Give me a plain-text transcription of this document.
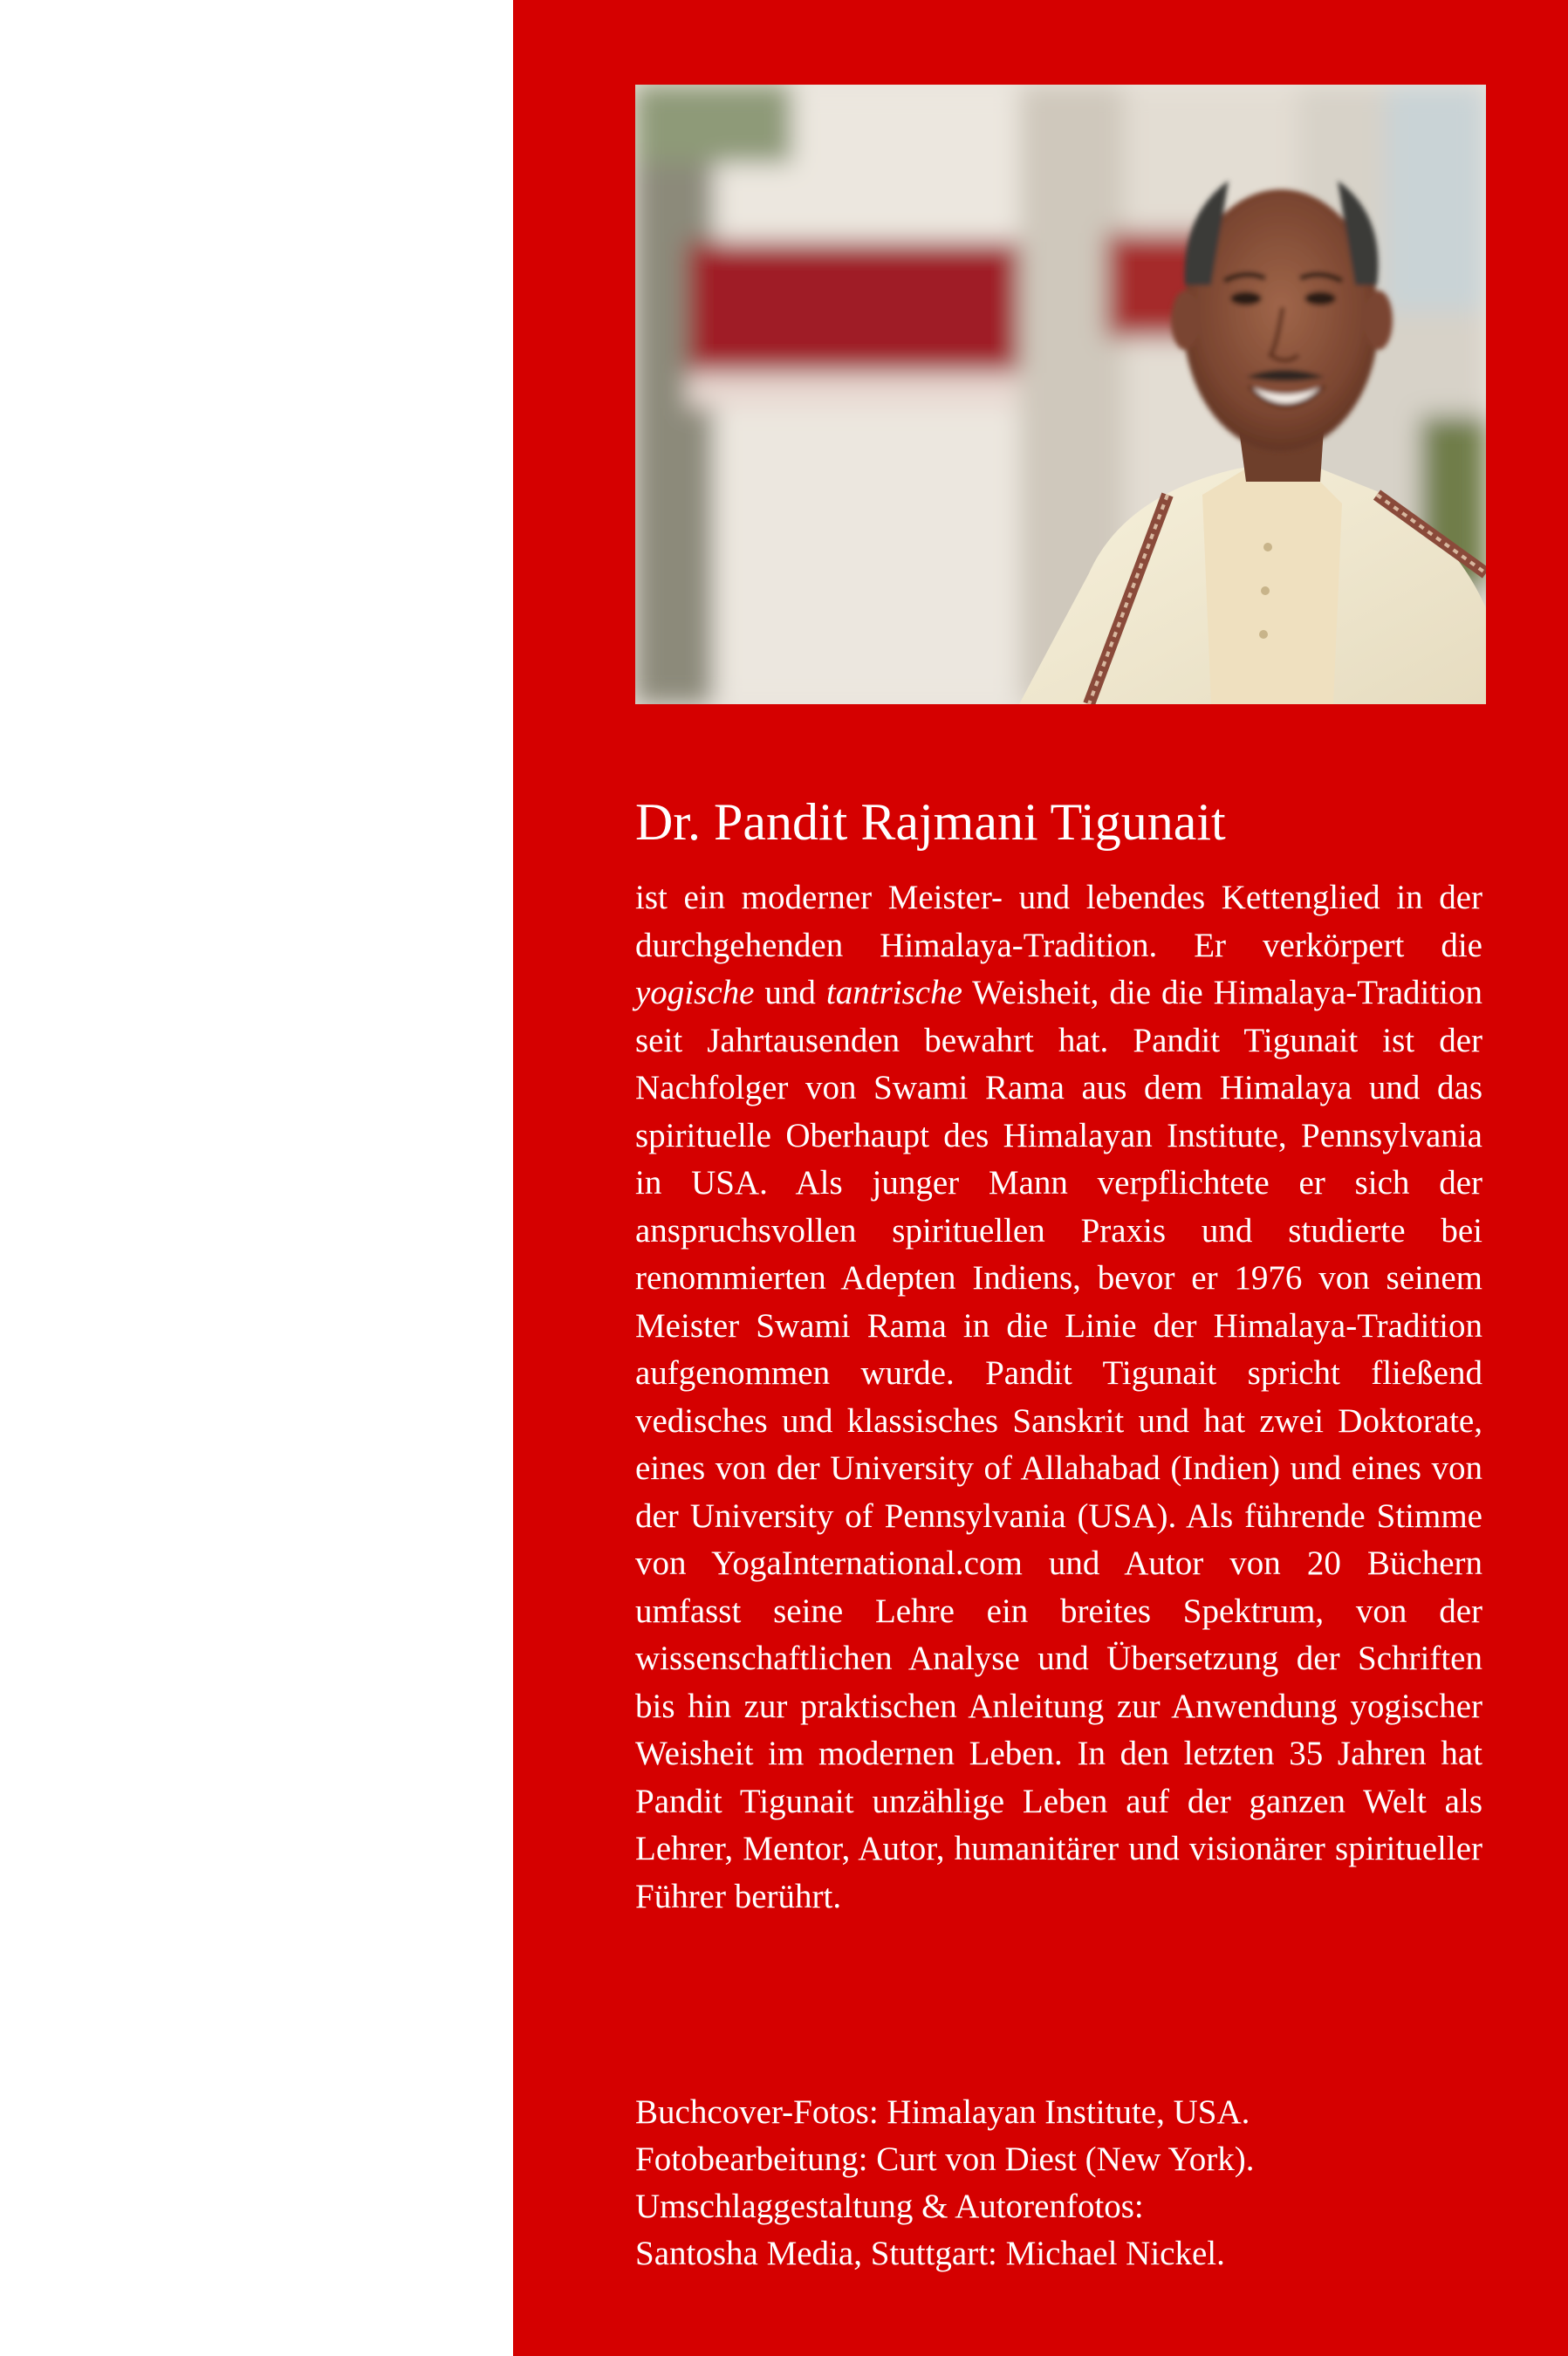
Dr. Pandit Rajmani Tigunait

ist ein moderner Meister- und lebendes Kettenglied in der durchgehenden Himalaya-Tradition. Er verkörpert die yogische und tantrische Weisheit, die die Himalaya-Tradition seit Jahrtausenden bewahrt hat. Pandit Tigunait ist der Nachfolger von Swami Rama aus dem Himalaya und das spirituelle Oberhaupt des Himalayan Institute, Pennsylvania in USA. Als junger Mann verpflichtete er sich der anspruchsvollen spirituellen Praxis und studierte bei renommierten Adepten Indiens, bevor er 1976 von seinem Meister Swami Rama in die Linie der Himalaya-Tradition aufgenommen wurde. Pandit Tigunait spricht fließend vedisches und klassisches Sanskrit und hat zwei Doktorate, eines von der University of Allahabad (Indien) und eines von der University of Pennsylvania (USA). Als führende Stimme von YogaInternational.com und Autor von 20 Büchern umfasst seine Lehre ein breites Spektrum, von der wissenschaftlichen Analyse und Übersetzung der Schriften bis hin zur praktischen Anleitung zur Anwendung yogischer Weisheit im modernen Leben. In den letzten 35 Jahren hat Pandit Tigunait unzählige Leben auf der ganzen Welt als Lehrer, Mentor, Autor, humanitärer und visionärer spiritueller Führer berührt.

Buchcover-Fotos: Himalayan Institute, USA.
Fotobearbeitung: Curt von Diest (New York).
Umschlaggestaltung & Autorenfotos:
Santosha Media, Stuttgart: Michael Nickel.
